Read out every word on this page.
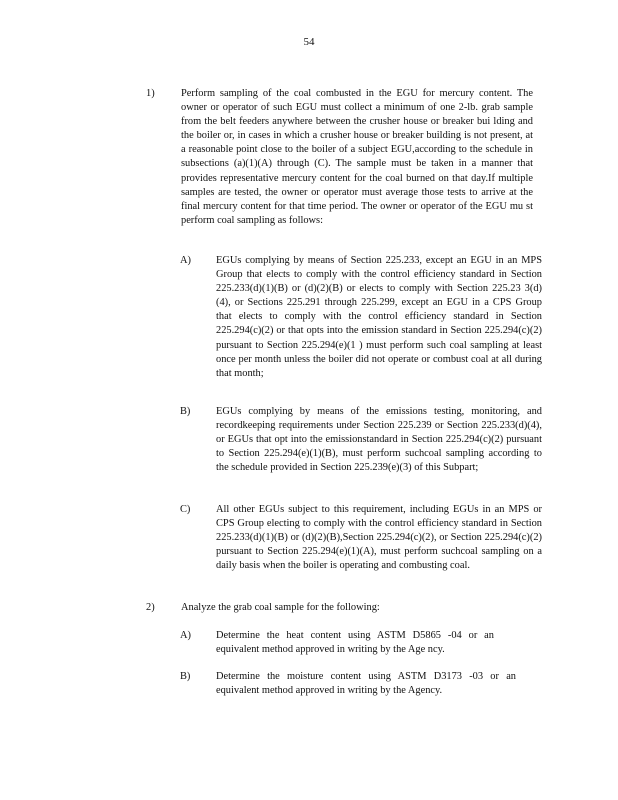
54
1)	Perform sampling of the coal combusted in the EGU for mercury content. The owner or operator of such EGU must collect a minimum of one 2-lb. grab sample from the belt feeders anywhere between the crusher house or breaker bui lding and the boiler or, in cases in which a crusher house or breaker building is not present, at a reasonable point close to the boiler of a subject EGU,according to the schedule in subsections (a)(1)(A) through (C). The sample must be taken in a manner that provides representative mercury content for the coal burned on that day.If multiple samples are tested, the owner or operator must average those tests to arrive at the final mercury content for that time period. The owner or operator of the EGU mu st perform coal sampling as follows:
A) EGUs complying by means of Section 225.233, except an EGU in an MPS Group that elects to comply with the control efficiency standard in Section 225.233(d)(1)(B) or (d)(2)(B) or elects to comply with Section 225.23 3(d)(4), or Sections 225.291 through 225.299, except an EGU in a CPS Group that elects to comply with the control efficiency standard in Section 225.294(c)(2) or that opts into the emission standard in Section 225.294(c)(2) pursuant to Section 225.294(e)(1 ) must perform such coal sampling at least once per month unless the boiler did not operate or combust coal at all during that month;
B) EGUs complying by means of the emissions testing, monitoring, and recordkeeping requirements under Section 225.239 or Section 225.233(d)(4), or EGUs that opt into the emissionstandard in Section 225.294(c)(2) pursuant to Section 225.294(e)(1)(B), must perform suchcoal sampling according to the schedule provided in Section 225.239(e)(3) of this Subpart;
C) All other EGUs subject to this requirement, including EGUs in an MPS or CPS Group electing to comply with the control efficiency standard in Section 225.233(d)(1)(B) or (d)(2)(B),Section 225.294(c)(2), or Section 225.294(c)(2) pursuant to Section 225.294(e)(1)(A), must perform suchcoal sampling on a daily basis when the boiler is operating and combusting coal.
2)	Analyze the grab coal sample for the following:
A) Determine the heat content using ASTM D5865 -04 or an equivalent method approved in writing by the Age ncy.
B) Determine the moisture content using ASTM D3173 -03 or an equivalent method approved in writing by the Agency.
